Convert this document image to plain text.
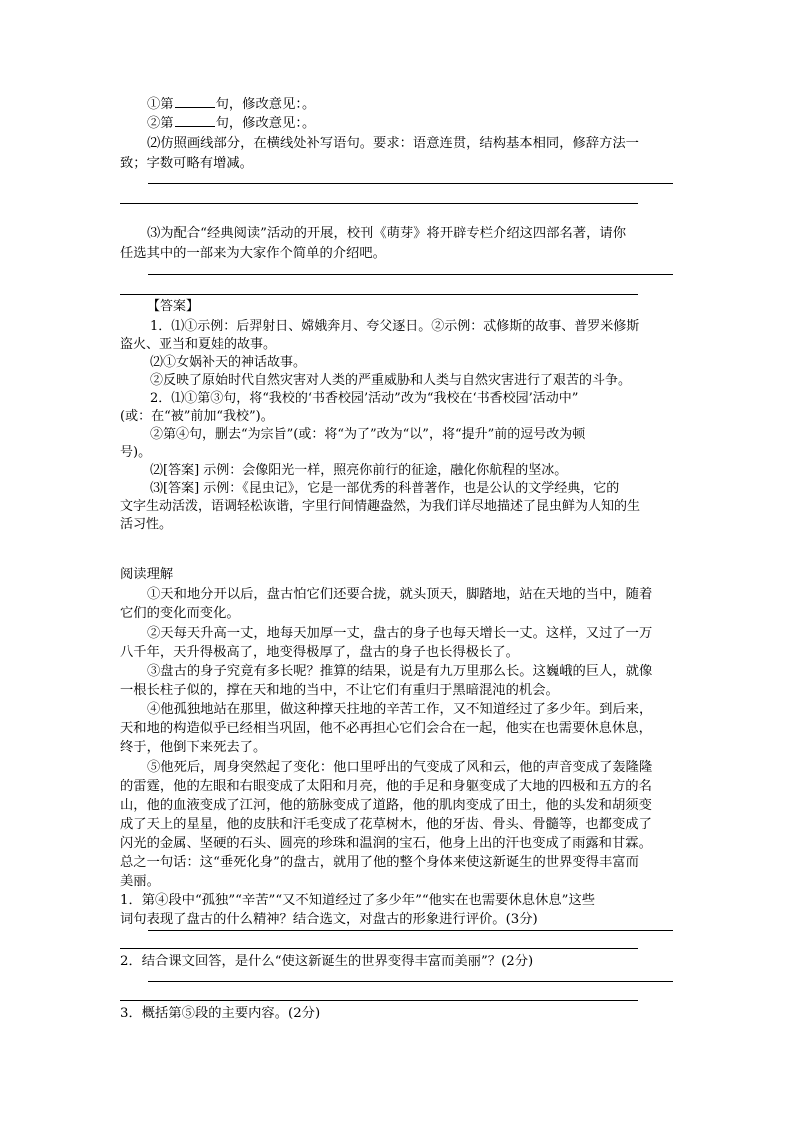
①第	句，修改意见：。
②第	句，修改意见：。
⑵仿照画线部分，在横线处补写语句。要求：语意连贯，结构基本相同，修辞方法一
致；字数可略有增减。
⑶为配合“经典阅读”活动的开展，校刊《萌芽》将开辟专栏介绍这四部名著，请你
任选其中的一部来为大家作个简单的介绍吧。
【答案】
1．⑴①示例：后羿射日、嫦娥奔月、夸父逐日。②示例：忒修斯的故事、普罗米修斯
盗火、亚当和夏娃的故事。
⑵①女娲补天的神话故事。
②反映了原始时代自然灾害对人类的严重威胁和人类与自然灾害进行了艰苦的斗争。
2．⑴①第③句，将“我校的‘书香校园’活动”改为“我校在‘书香校园’活动中”
(或：在“被”前加“我校”)。
②第④句，删去“为宗旨”(或：将“为了”改为“以”，将“提升”前的逗号改为顿
号)。
⑵[答案] 示例：会像阳光一样，照亮你前行的征途，融化你航程的坚冰。
⑶[答案] 示例：《昆虫记》，它是一部优秀的科普著作，也是公认的文学经典，它的
文字生动活泼，语调轻松诙谐，字里行间情趣盎然，为我们详尽地描述了昆虫鲜为人知的生
活习性。
阅读理解
①天和地分开以后，盘古怕它们还要合拢，就头顶天，脚踏地，站在天地的当中，随着
它们的变化而变化。
②天每天升高一丈，地每天加厚一丈，盘古的身子也每天增长一丈。这样，又过了一万
八千年，天升得极高了，地变得极厚了，盘古的身子也长得极长了。
③盘古的身子究竟有多长呢？推算的结果，说是有九万里那么长。这巍峨的巨人，就像
一根长柱子似的，撑在天和地的当中，不让它们有重归于黑暗混沌的机会。
④他孤独地站在那里，做这种撑天拄地的辛苦工作，又不知道经过了多少年。到后来，
天和地的构造似乎已经相当巩固，他不必再担心它们会合在一起，他实在也需要休息休息，
终于，他倒下来死去了。
⑤他死后，周身突然起了变化：他口里呼出的气变成了风和云，他的声音变成了轰隆隆
的雷霆，他的左眼和右眼变成了太阳和月亮，他的手足和身躯变成了大地的四极和五方的名
山，他的血液变成了江河，他的筋脉变成了道路，他的肌肉变成了田土，他的头发和胡须变
成了天上的星星，他的皮肤和汗毛变成了花草树木，他的牙齿、骨头、骨髓等，也都变成了
闪光的金属、坚硬的石头、圆亮的珍珠和温润的宝石，他身上出的汗也变成了雨露和甘霖。
总之一句话：这“垂死化身”的盘古，就用了他的整个身体来使这新诞生的世界变得丰富而
美丽。
1．第④段中“孤独”“辛苦”“又不知道经过了多少年”“他实在也需要休息休息”这些
词句表现了盘古的什么精神？结合选文，对盘古的形象进行评价。(3分)
2．结合课文回答，是什么“使这新诞生的世界变得丰富而美丽”？(2分)
3．概括第⑤段的主要内容。(2分)
